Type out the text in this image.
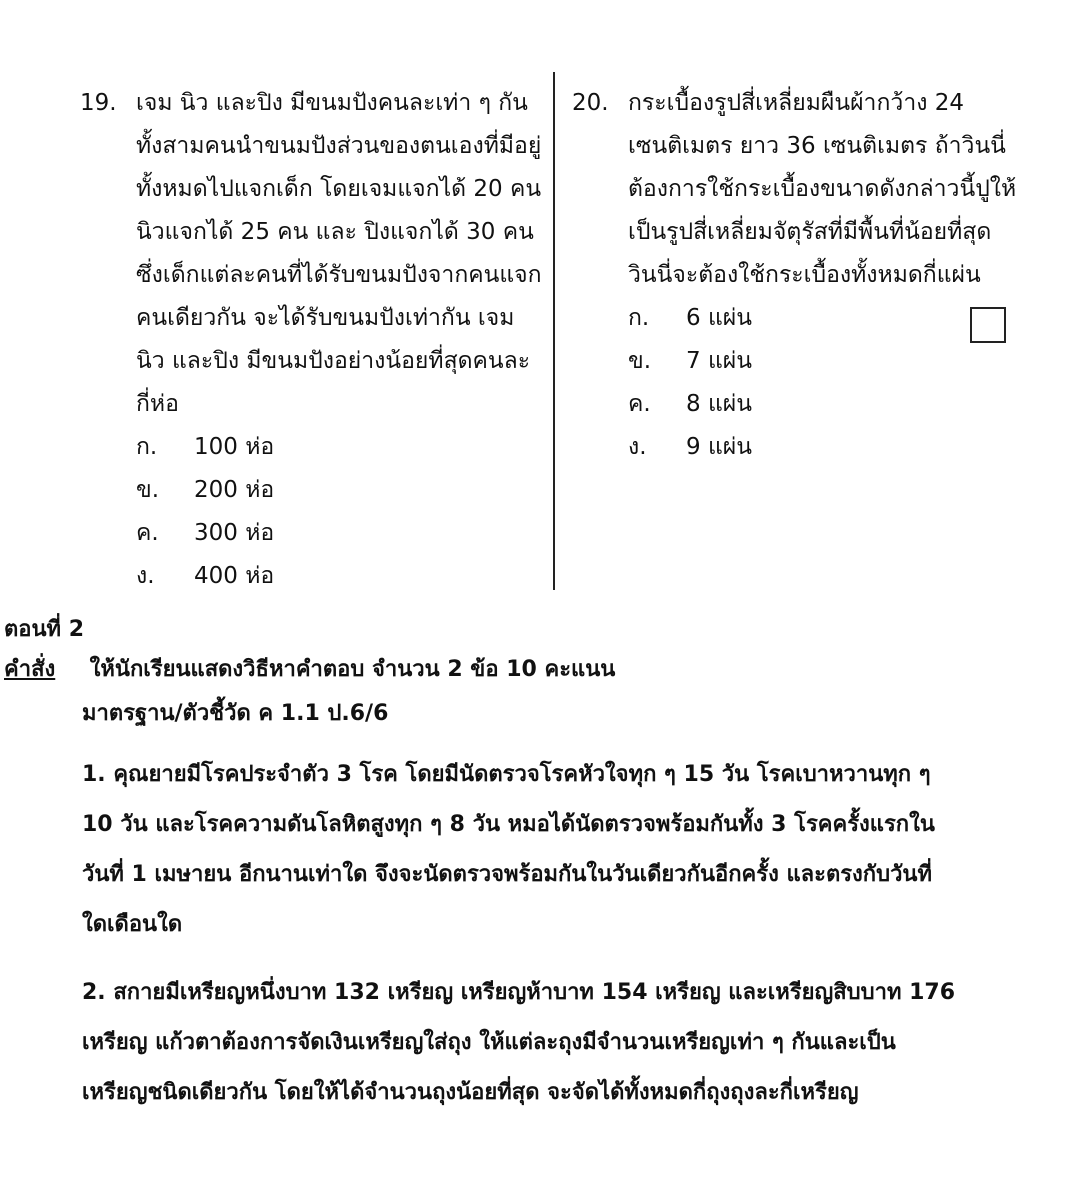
19. เจม นิว และปิง มีขนมปังคนละเท่า ๆ กัน
ทั้งสามคนนำขนมปังส่วนของตนเองที่มีอยู่
ทั้งหมดไปแจกเด็ก โดยเจมแจกได้ 20 คน
นิวแจกได้ 25 คน และ ปิงแจกได้ 30 คน
ซึ่งเด็กแต่ละคนที่ได้รับขนมปังจากคนแจก
คนเดียวกัน จะได้รับขนมปังเท่ากัน เจม
นิว และปิง มีขนมปังอย่างน้อยที่สุดคนละ
กี่ห่อ
ก.	100 ห่อ
ข.	200 ห่อ
ค.	300 ห่อ
ง.	400 ห่อ
20. กระเบื้องรูปสี่เหลี่ยมผืนผ้ากว้าง 24
เซนติเมตร ยาว 36 เซนติเมตร ถ้าวินนี่
ต้องการใช้กระเบื้องขนาดดังกล่าวนี้ปูให้
เป็นรูปสี่เหลี่ยมจัตุรัสที่มีพื้นที่น้อยที่สุด
วินนี่จะต้องใช้กระเบื้องทั้งหมดกี่แผ่น
ก.	6 แผ่น
ข.	7 แผ่น
ค.	8 แผ่น
ง.	9 แผ่น
ตอนที่ 2
คำสั่ง ให้นักเรียนแสดงวิธีหาคำตอบ จำนวน 2 ข้อ 10 คะแนน
มาตรฐาน/ตัวชี้วัด ค 1.1 ป.6/6
1. คุณยายมีโรคประจำตัว 3 โรค โดยมีนัดตรวจโรคหัวใจทุก ๆ 15 วัน โรคเบาหวานทุก ๆ
10 วัน และโรคความดันโลหิตสูงทุก ๆ 8 วัน หมอได้นัดตรวจพร้อมกันทั้ง 3 โรคครั้งแรกใน
วันที่ 1 เมษายน อีกนานเท่าใด จึงจะนัดตรวจพร้อมกันในวันเดียวกันอีกครั้ง และตรงกับวันที่
ใดเดือนใด
2. สกายมีเหรียญหนึ่งบาท 132 เหรียญ เหรียญห้าบาท 154 เหรียญ และเหรียญสิบบาท 176
เหรียญ แก้วตาต้องการจัดเงินเหรียญใส่ถุง ให้แต่ละถุงมีจำนวนเหรียญเท่า ๆ กันและเป็น
เหรียญชนิดเดียวกัน โดยให้ได้จำนวนถุงน้อยที่สุด จะจัดได้ทั้งหมดกี่ถุงถุงละกี่เหรียญ
